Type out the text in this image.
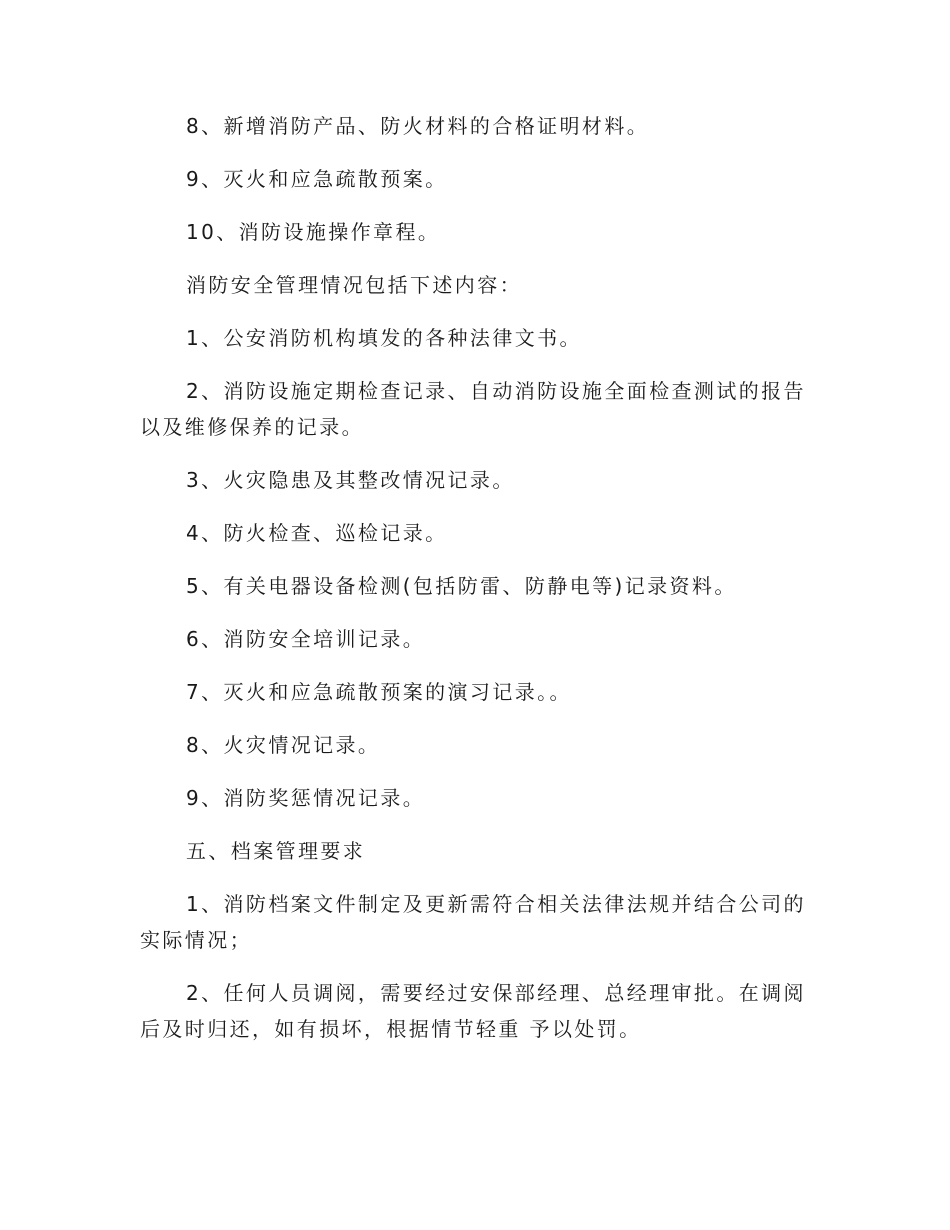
8、新增消防产品、防火材料的合格证明材料。

9、灭火和应急疏散预案。

10、消防设施操作章程。

消防安全管理情况包括下述内容：

1、公安消防机构填发的各种法律文书。

2、消防设施定期检查记录、自动消防设施全面检查测试的报告以及维修保养的记录。

3、火灾隐患及其整改情况记录。

4、防火检查、巡检记录。

5、有关电器设备检测(包括防雷、防静电等)记录资料。

6、消防安全培训记录。

7、灭火和应急疏散预案的演习记录。。

8、火灾情况记录。

9、消防奖惩情况记录。

五、档案管理要求

1、消防档案文件制定及更新需符合相关法律法规并结合公司的实际情况；

2、任何人员调阅，需要经过安保部经理、总经理审批。在调阅后及时归还，如有损坏，根据情节轻重 予以处罚。
